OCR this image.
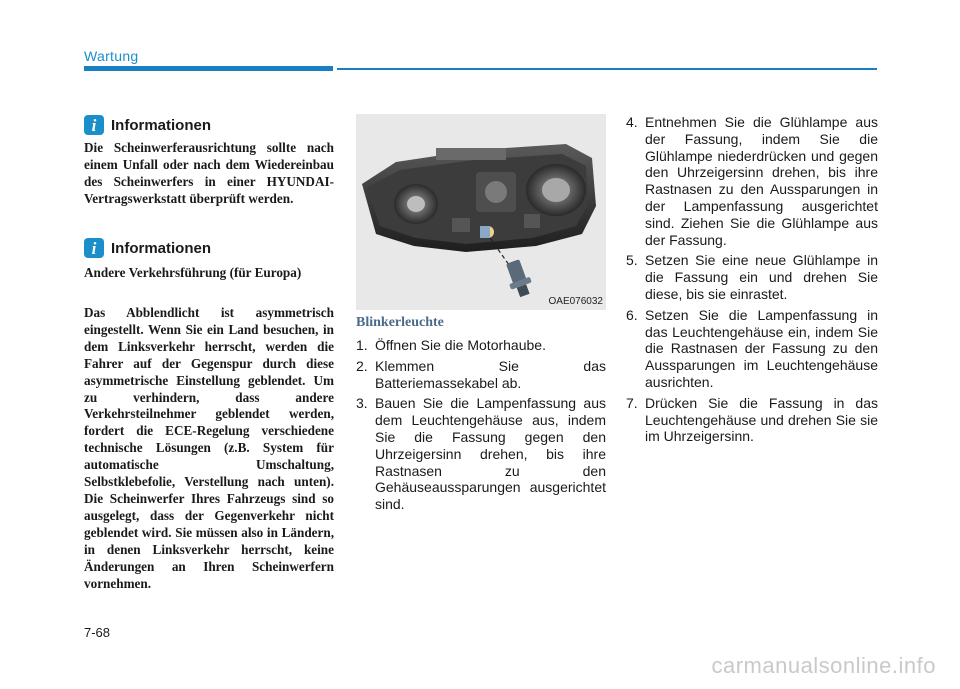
Wartung
i Informationen

Die Scheinwerferausrichtung sollte nach einem Unfall oder nach dem Wiedereinbau des Scheinwerfers in einer HYUNDAI-Vertragswerkstatt überprüft werden.

i Informationen

Andere Verkehrsführung (für Europa)

Das Abblendlicht ist asymmetrisch eingestellt. Wenn Sie ein Land besuchen, in dem Linksverkehr herrscht, werden die Fahrer auf der Gegenspur durch diese asymmetrische Einstellung geblendet. Um zu verhindern, dass andere Verkehrsteilnehmer geblendet werden, fordert die ECE-Regelung verschiedene technische Lösungen (z.B. System für automatische Umschaltung, Selbstklebefolie, Verstellung nach unten). Die Scheinwerfer Ihres Fahrzeugs sind so ausgelegt, dass der Gegenverkehr nicht geblendet wird. Sie müssen also in Ländern, in denen Linksverkehr herrscht, keine Änderungen an Ihren Scheinwerfern vornehmen.

OAE076032
Blinkerleuchte
1. Öffnen Sie die Motorhaube.
2. Klemmen Sie das Batteriemassekabel ab.
3. Bauen Sie die Lampenfassung aus dem Leuchtengehäuse aus, indem Sie die Fassung gegen den Uhrzeigersinn drehen, bis ihre Rastnasen zu den Gehäuseaussparungen ausgerichtet sind.
4. Entnehmen Sie die Glühlampe aus der Fassung, indem Sie die Glühlampe niederdrücken und gegen den Uhrzeigersinn drehen, bis ihre Rastnasen zu den Aussparungen in der Lampenfassung ausgerichtet sind. Ziehen Sie die Glühlampe aus der Fassung.
5. Setzen Sie eine neue Glühlampe in die Fassung ein und drehen Sie diese, bis sie einrastet.
6. Setzen Sie die Lampenfassung in das Leuchtengehäuse ein, indem Sie die Rastnasen der Fassung zu den Aussparungen im Leuchtengehäuse ausrichten.
7. Drücken Sie die Fassung in das Leuchtengehäuse und drehen Sie sie im Uhrzeigersinn.
7-68
carmanualsonline.info
